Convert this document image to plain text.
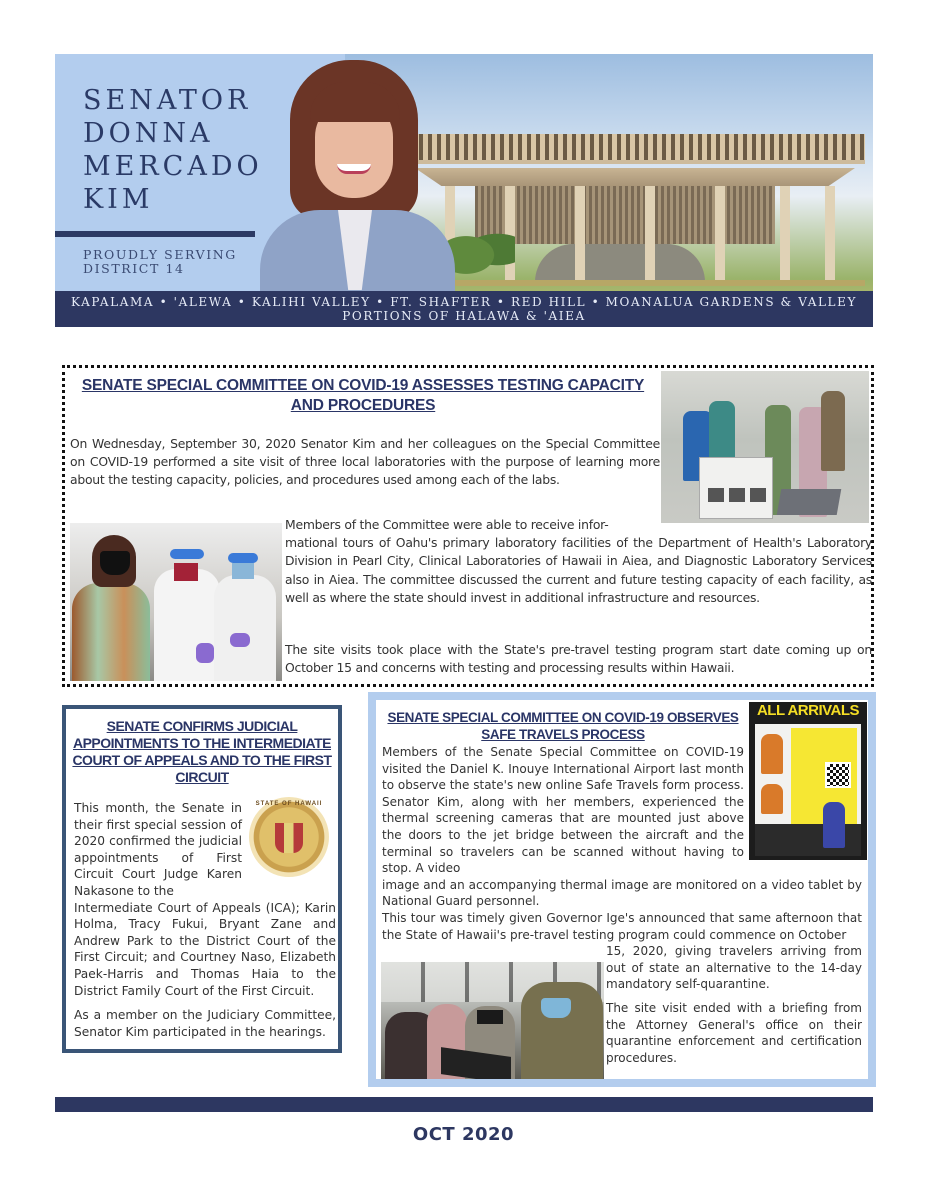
SENATOR
DONNA
MERCADO
KIM
PROUDLY SERVING
DISTRICT 14
KAPALAMA • 'ALEWA • KALIHI VALLEY • FT. SHAFTER • RED HILL • MOANALUA GARDENS & VALLEY
PORTIONS OF HALAWA & 'AIEA
SENATE SPECIAL COMMITTEE ON COVID-19 ASSESSES TESTING CAPACITY AND PROCEDURES
On Wednesday, September 30, 2020 Senator Kim and her colleagues on the Special Committee on COVID-19 performed a site visit of three local laboratories with the purpose of learning more about the testing capacity, policies, and procedures used among each of the labs.
Members of the Committee were able to receive infor-
mational tours of Oahu's primary laboratory facilities of the Department of Health's Laboratory Division in Pearl City, Clinical Laboratories of Hawaii in Aiea, and Diagnostic Laboratory Services also in Aiea. The committee discussed the current and future testing capacity of each facility, as well as where the state should invest in additional infrastructure and resources.
The site visits took place with the State's pre-travel testing program start date coming up on October 15 and concerns with testing and processing results within Hawaii.
SENATE CONFIRMS JUDICIAL APPOINTMENTS TO THE INTERMEDIATE COURT OF APPEALS AND TO THE FIRST CIRCUIT
STATE OF HAWAII
This month, the Senate in their first special session of 2020 confirmed the judicial appointments of First Circuit Court Judge Karen Nakasone to the
Intermediate Court of Appeals (ICA); Karin Holma, Tracy Fukui, Bryant Zane and Andrew Park to the District Court of the First Circuit; and Courtney Naso, Elizabeth Paek-Harris and Thomas Haia to the District Family Court of the First Circuit.
As a member on the Judiciary Committee, Senator Kim participated in the hearings.
SENATE SPECIAL COMMITTEE ON COVID-19 OBSERVES SAFE TRAVELS PROCESS
ALL ARRIVALS
Members of the Senate Special Committee on COVID-19 visited the Daniel K. Inouye International Airport last month to observe the state's new online Safe Travels form process. Senator Kim, along with her members, experienced the thermal screening cameras that are mounted just above the doors to the jet bridge between the aircraft and the terminal so travelers can be scanned without having to stop. A video
image and an accompanying thermal image are monitored on a video tablet by National Guard personnel.
This tour was timely given Governor Ige's announced that same afternoon that the State of Hawaii's pre-travel testing program could commence on October
15, 2020, giving travelers arriving from out of state an alternative to the 14-day mandatory self-quarantine.
The site visit ended with a briefing from the Attorney General's office on their quarantine enforcement and certification procedures.
OCT 2020
